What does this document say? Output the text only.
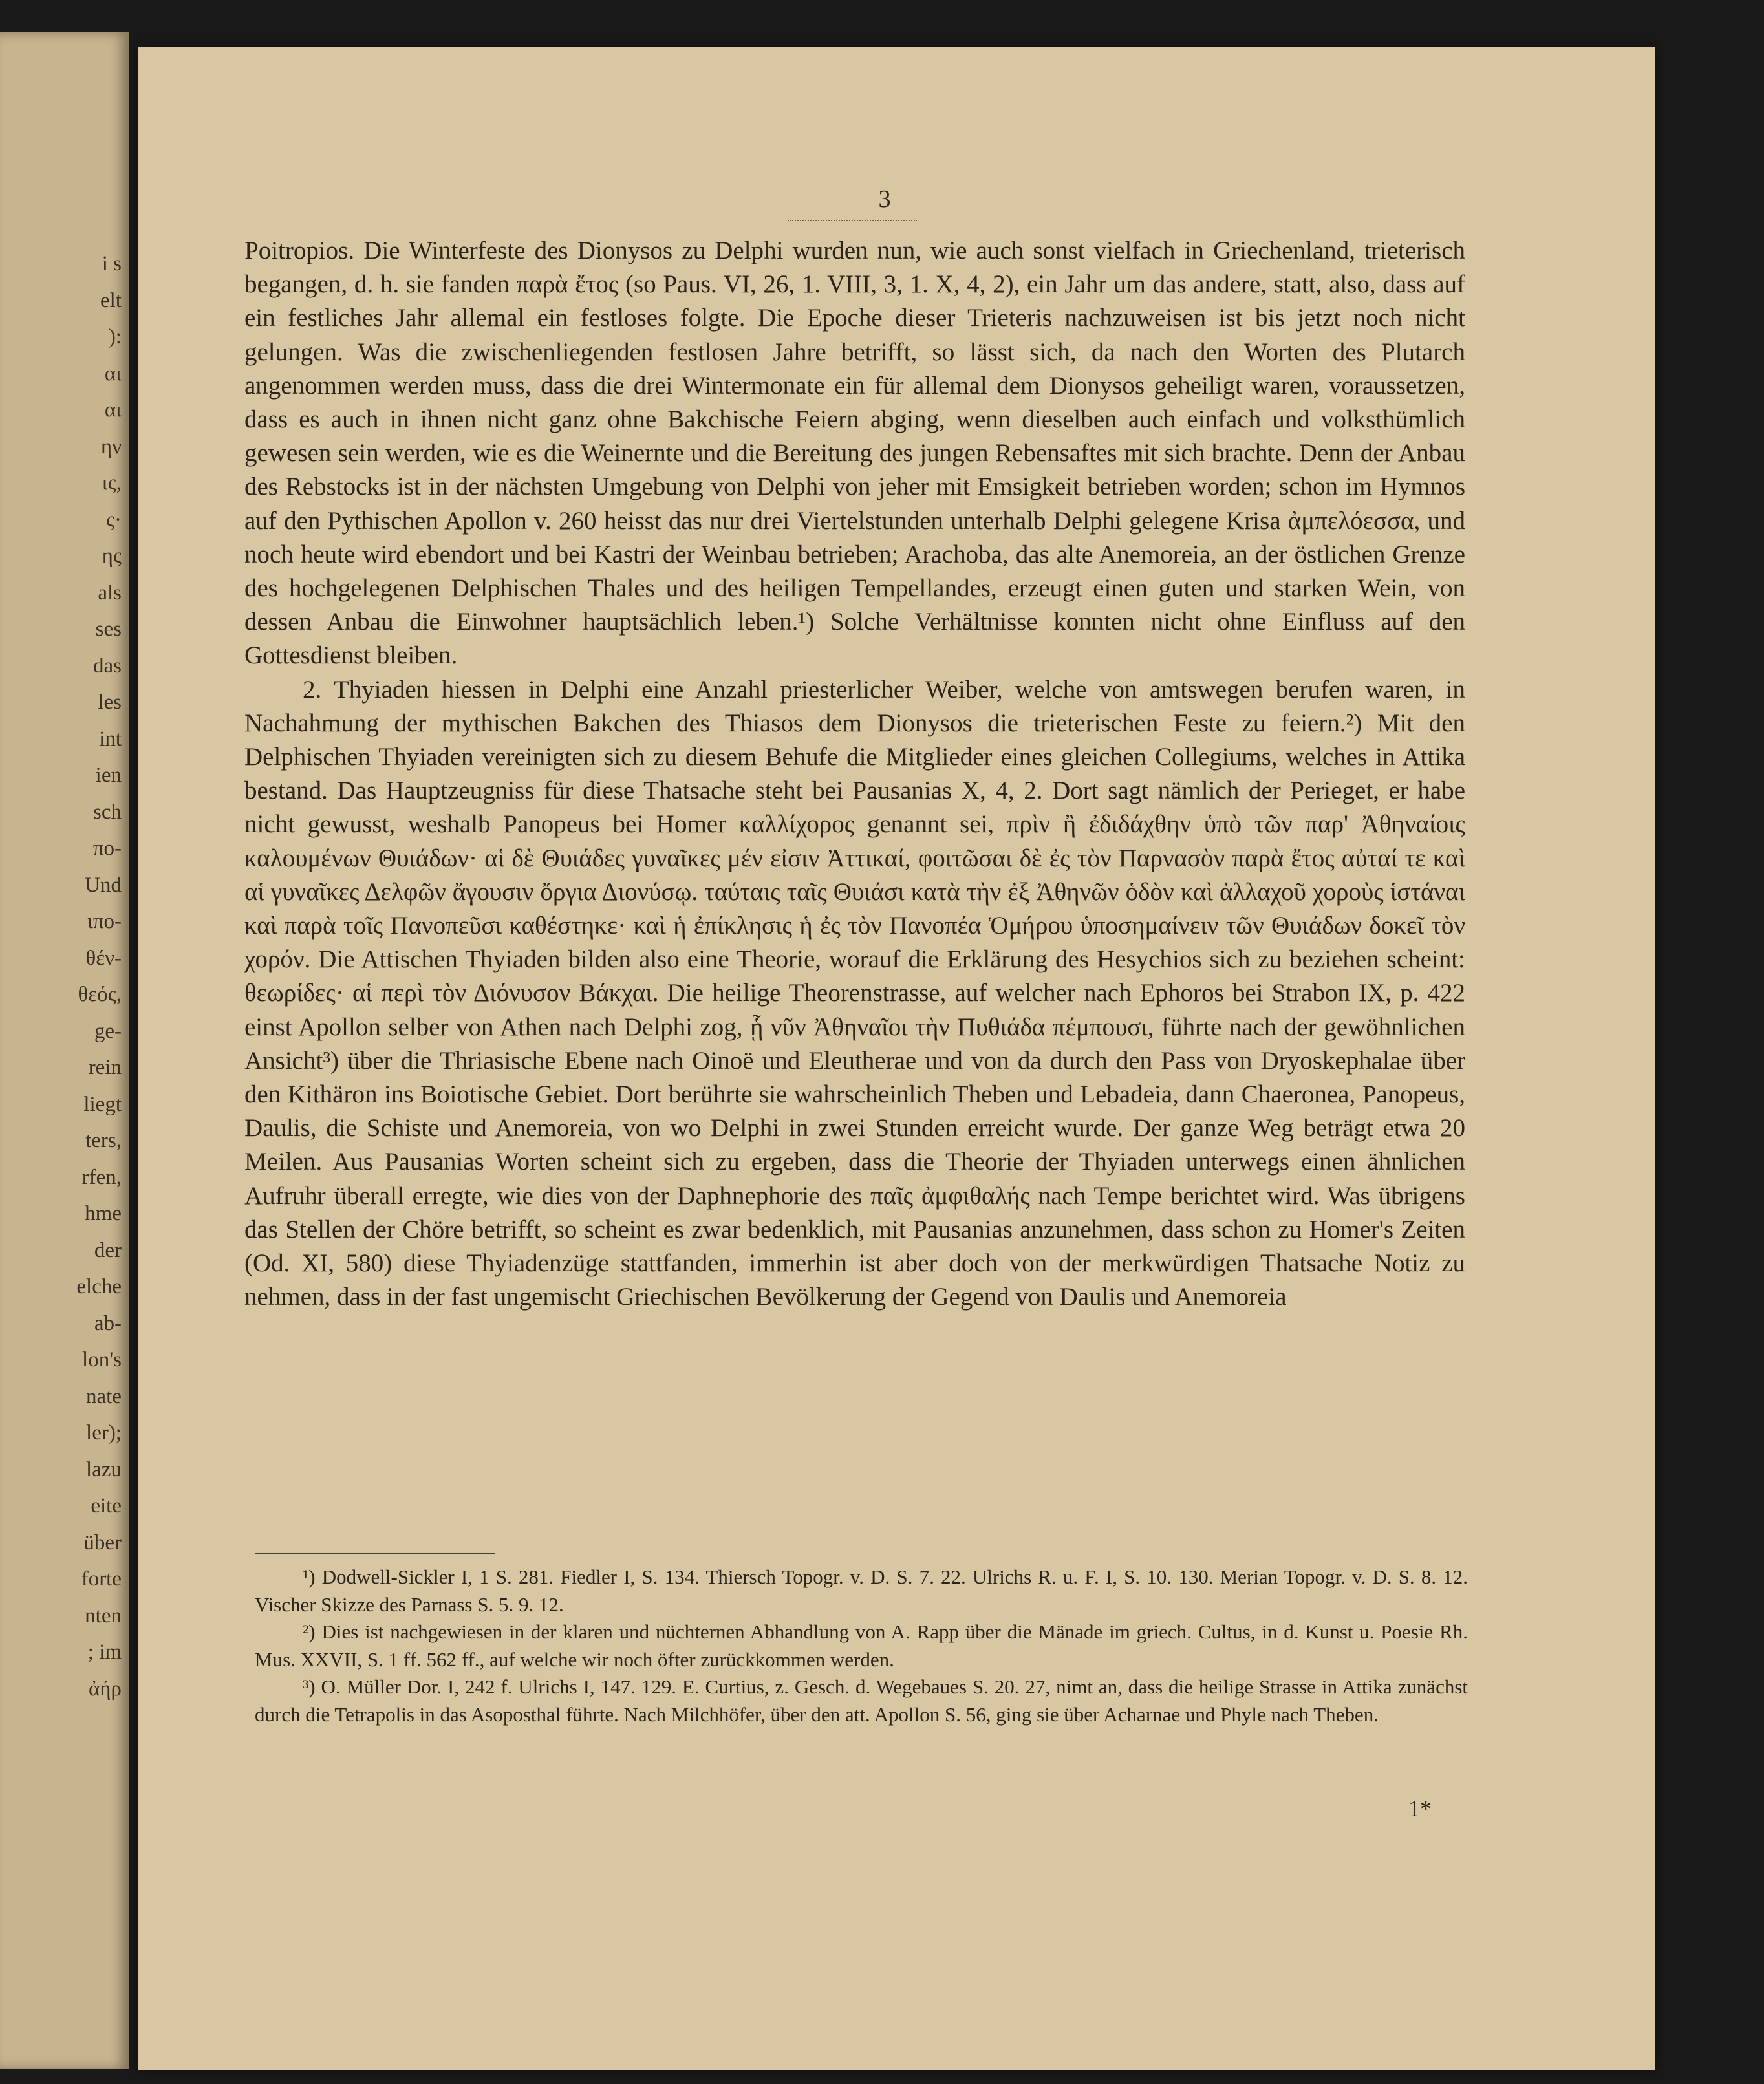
i s
elt
):
αι
αι
ην
ις,
ς·
ης
als
ses
das
les
int
ien
sch
πο-
Und
ιπο-
θέν-
θεός,
ge-
rein
liegt
ters,
rfen,
hme
der
elche
ab-
lon's
nate
ler);
lazu
eite
über
forte
nten
; im
ἀήρ
3

Poitropios. Die Winterfeste des Dionysos zu Delphi wurden nun, wie auch sonst vielfach in Griechenland, trieterisch begangen, d. h. sie fanden παρὰ ἔτος (so Paus. VI, 26, 1. VIII, 3, 1. X, 4, 2), ein Jahr um das andere, statt, also, dass auf ein festliches Jahr allemal ein festloses folgte. Die Epoche dieser Trieteris nachzuweisen ist bis jetzt noch nicht gelungen. Was die zwischenliegenden festlosen Jahre betrifft, so lässt sich, da nach den Worten des Plutarch angenommen werden muss, dass die drei Wintermonate ein für allemal dem Dionysos geheiligt waren, voraussetzen, dass es auch in ihnen nicht ganz ohne Bakchische Feiern abging, wenn dieselben auch einfach und volksthümlich gewesen sein werden, wie es die Weinernte und die Bereitung des jungen Rebensaftes mit sich brachte. Denn der Anbau des Rebstocks ist in der nächsten Umgebung von Delphi von jeher mit Emsigkeit betrieben worden; schon im Hymnos auf den Pythischen Apollon v. 260 heisst das nur drei Viertelstunden unterhalb Delphi gelegene Krisa ἀμπελόεσσα, und noch heute wird ebendort und bei Kastri der Weinbau betrieben; Arachoba, das alte Anemoreia, an der östlichen Grenze des hochgelegenen Delphischen Thales und des heiligen Tempellandes, erzeugt einen guten und starken Wein, von dessen Anbau die Einwohner hauptsächlich leben.¹) Solche Verhältnisse konnten nicht ohne Einfluss auf den Gottesdienst bleiben.

2. Thyiaden hiessen in Delphi eine Anzahl priesterlicher Weiber, welche von amtswegen berufen waren, in Nachahmung der mythischen Bakchen des Thiasos dem Dionysos die trieterischen Feste zu feiern.²) Mit den Delphischen Thyiaden vereinigten sich zu diesem Behufe die Mitglieder eines gleichen Collegiums, welches in Attika bestand. Das Hauptzeugniss für diese Thatsache steht bei Pausanias X, 4, 2. Dort sagt nämlich der Perieget, er habe nicht gewusst, weshalb Panopeus bei Homer καλλίχορος genannt sei, πρὶν ἢ ἐδιδάχθην ὑπὸ τῶν παρ' Ἀθηναίοις καλουμένων Θυιάδων· αἱ δὲ Θυιάδες γυναῖκες μέν εἰσιν Ἀττικαί, φοιτῶσαι δὲ ἐς τὸν Παρνασὸν παρὰ ἔτος αὐταί τε καὶ αἱ γυναῖκες Δελφῶν ἄγουσιν ὄργια Διονύσῳ. ταύταις ταῖς Θυιάσι κατὰ τὴν ἐξ Ἀθηνῶν ὁδὸν καὶ ἀλλαχοῦ χοροὺς ἱστάναι καὶ παρὰ τοῖς Πανοπεῦσι καθέστηκε· καὶ ἡ ἐπίκλησις ἡ ἐς τὸν Πανοπέα Ὁμήρου ὑποσημαίνειν τῶν Θυιάδων δοκεῖ τὸν χορόν. Die Attischen Thyiaden bilden also eine Theorie, worauf die Erklärung des Hesychios sich zu beziehen scheint: θεωρίδες· αἱ περὶ τὸν Διόνυσον Βάκχαι. Die heilige Theorenstrasse, auf welcher nach Ephoros bei Strabon IX, p. 422 einst Apollon selber von Athen nach Delphi zog, ᾗ νῦν Ἀθηναῖοι τὴν Πυθιάδα πέμπουσι, führte nach der gewöhnlichen Ansicht³) über die Thriasische Ebene nach Oinoë und Eleutherae und von da durch den Pass von Dryoskephalae über den Kithäron ins Boiotische Gebiet. Dort berührte sie wahrscheinlich Theben und Lebadeia, dann Chaeronea, Panopeus, Daulis, die Schiste und Anemoreia, von wo Delphi in zwei Stunden erreicht wurde. Der ganze Weg beträgt etwa 20 Meilen. Aus Pausanias Worten scheint sich zu ergeben, dass die Theorie der Thyiaden unterwegs einen ähnlichen Aufruhr überall erregte, wie dies von der Daphnephorie des παῖς ἀμφιθαλής nach Tempe berichtet wird. Was übrigens das Stellen der Chöre betrifft, so scheint es zwar bedenklich, mit Pausanias anzunehmen, dass schon zu Homer's Zeiten (Od. XI, 580) diese Thyiadenzüge stattfanden, immerhin ist aber doch von der merkwürdigen Thatsache Notiz zu nehmen, dass in der fast ungemischt Griechischen Bevölkerung der Gegend von Daulis und Anemoreia

¹) Dodwell-Sickler I, 1 S. 281. Fiedler I, S. 134. Thiersch Topogr. v. D. S. 7. 22. Ulrichs R. u. F. I, S. 10. 130. Merian Topogr. v. D. S. 8. 12. Vischer Skizze des Parnass S. 5. 9. 12.

²) Dies ist nachgewiesen in der klaren und nüchternen Abhandlung von A. Rapp über die Mänade im griech. Cultus, in d. Kunst u. Poesie Rh. Mus. XXVII, S. 1 ff. 562 ff., auf welche wir noch öfter zurückkommen werden.

³) O. Müller Dor. I, 242 f. Ulrichs I, 147. 129. E. Curtius, z. Gesch. d. Wegebaues S. 20. 27, nimt an, dass die heilige Strasse in Attika zunächst durch die Tetrapolis in das Asoposthal führte. Nach Milchhöfer, über den att. Apollon S. 56, ging sie über Acharnae und Phyle nach Theben.

1*
